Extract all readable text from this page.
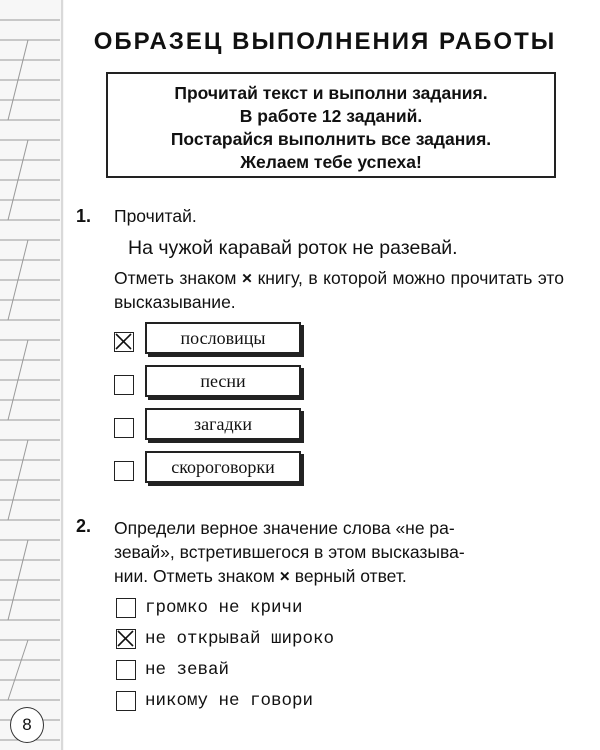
8
ОБРАЗЕЦ ВЫПОЛНЕНИЯ РАБОТЫ
Прочитай текст и выполни задания.
В работе 12 заданий.
Постарайся выполнить все задания.
Желаем тебе успеха!
1. Прочитай.
На чужой каравай роток не разевай.
Отметь знаком × книгу, в которой можно прочитать это высказывание.
пословицы
песни
загадки
скороговорки
2. Определи верное значение слова «не ра-
зевай», встретившегося в этом высказыва-
нии. Отметь знаком × верный ответ.
громко не кричи
не открывай широко
не зевай
никому не говори
